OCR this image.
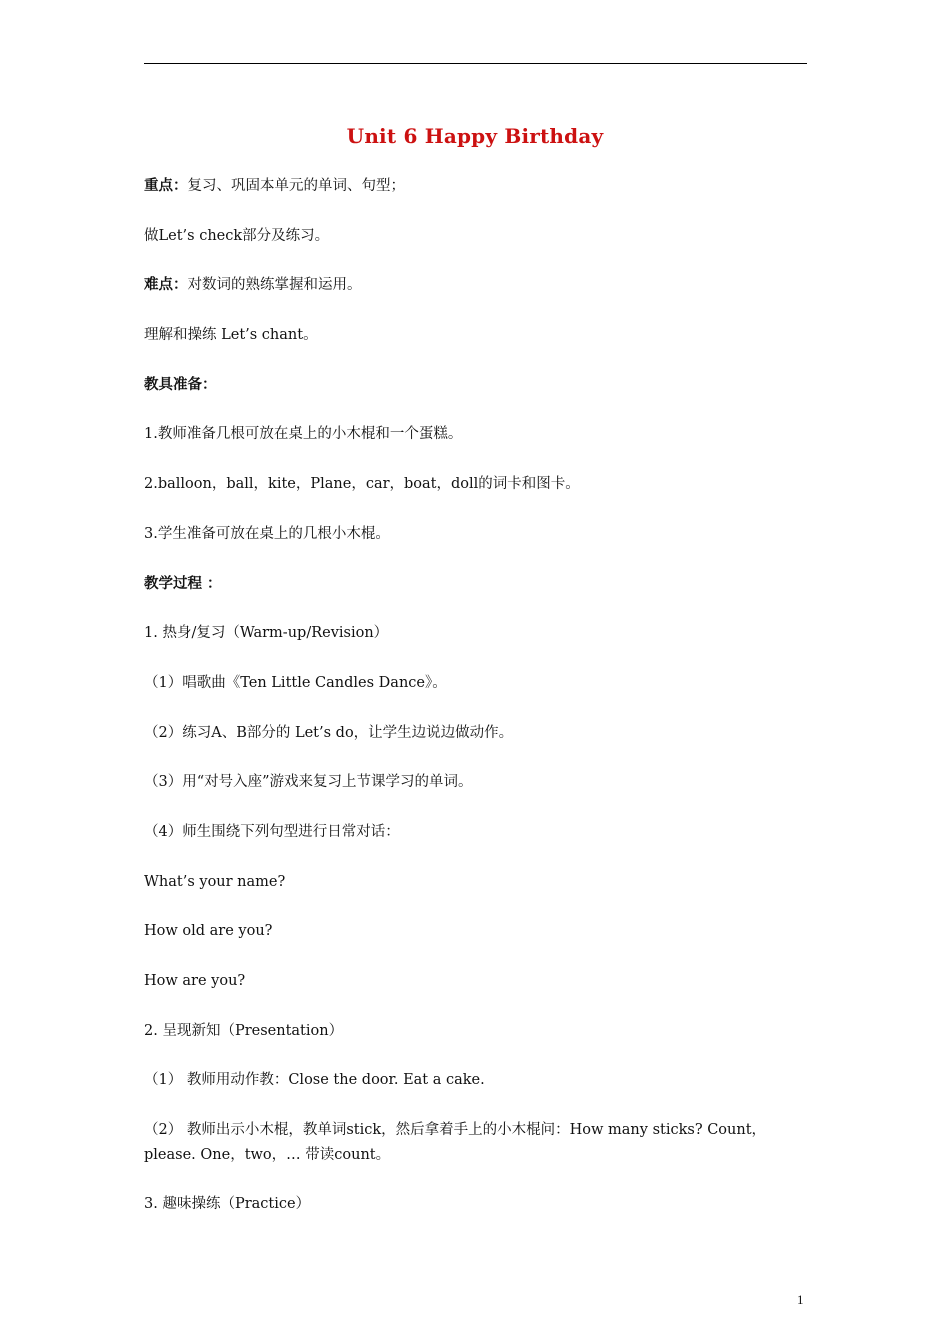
Unit 6 Happy Birthday
重点：复习、巩固本单元的单词、句型；
做Let’s check部分及练习。
难点：对数词的熟练掌握和运用。
理解和操练 Let’s chant。
教具准备：
1.教师准备几根可放在桌上的小木棍和一个蛋糕。
2.balloon，ball，kite，Plane，car，boat，doll的词卡和图卡。
3.学生准备可放在桌上的几根小木棍。
教学过程 ：
1. 热身/复习（Warm-up/Revision）
（1）唱歌曲《Ten Little Candles Dance》。
（2）练习A、B部分的 Let’s do，让学生边说边做动作。
（3）用“对号入座”游戏来复习上节课学习的单词。
（4）师生围绕下列句型进行日常对话：
What’s your name?
How old are you?
How are you?
2. 呈现新知（Presentation）
（1） 教师用动作教：Close the door. Eat a cake.
（2） 教师出示小木棍，教单词stick，然后拿着手上的小木棍问：How many sticks? Count，please. One，two，… 带读count。
3. 趣味操练（Practice）
1
